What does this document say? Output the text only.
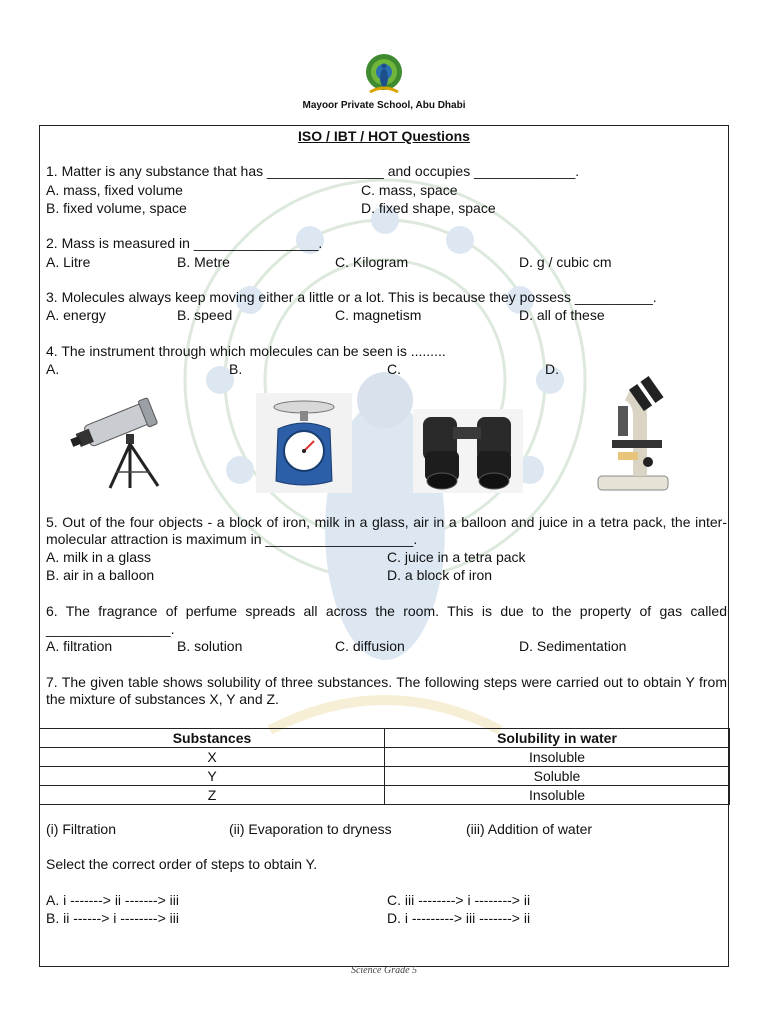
Mayoor Private School, Abu Dhabi
ISO / IBT / HOT Questions
1. Matter is any substance that has _______________ and occupies _____________.
A. mass, fixed volume	C. mass, space
B. fixed volume, space	D. fixed shape, space
2. Mass is measured in ________________.
A. Litre	B. Metre	C. Kilogram	D. g / cubic cm
3. Molecules always keep moving either a little or a lot. This is because they possess __________.
A. energy	B. speed	C. magnetism	D. all of these
4. The instrument through which molecules can be seen is .........
A.	B.	C.	D.
5. Out of the four objects - a block of iron, milk in a glass, air in a balloon and juice in a tetra pack, the inter-molecular attraction is maximum in ___________________.
A. milk in a glass	C. juice in a tetra pack
B. air in a balloon	D. a block of iron
6. The fragrance of perfume spreads all across the room. This is due to the property of gas called
________________.
A. filtration	B. solution	C. diffusion	D. Sedimentation
7. The given table shows solubility of three substances. The following steps were carried out to obtain Y from the mixture of substances X, Y and Z.
Substances	Solubility in water
X	Insoluble
Y	Soluble
Z	Insoluble
(i) Filtration	(ii) Evaporation to dryness	(iii) Addition of water
Select the correct order of steps to obtain Y.
A. i -------> ii -------> iii	C. iii --------> i --------> ii
B. ii ------> i --------> iii	D. i ---------> iii -------> ii
Science Grade 5
